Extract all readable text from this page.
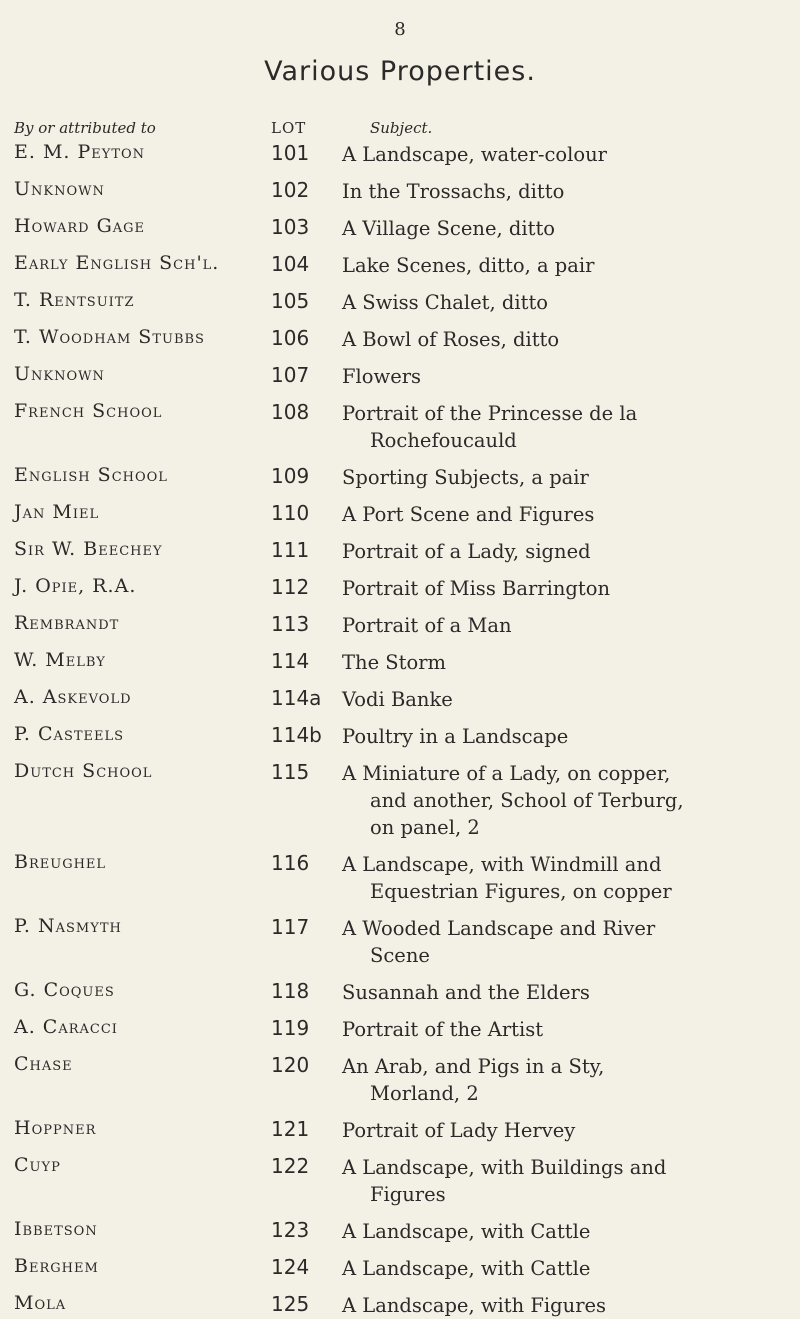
8
Various Properties.
By or attributed to	LOT	Subject.
E. M. Peyton	101	A Landscape, water-colour
Unknown	102	In the Trossachs, ditto
Howard Gage	103	A Village Scene, ditto
Early English Sch'l.	104	Lake Scenes, ditto, a pair
T. Rentsuitz	105	A Swiss Chalet, ditto
T. Woodham Stubbs	106	A Bowl of Roses, ditto
Unknown	107	Flowers
French School	108	Portrait of the Princesse de la
Rochefoucauld
English School	109	Sporting Subjects, a pair
Jan Miel	110	A Port Scene and Figures
Sir W. Beechey	111	Portrait of a Lady, signed
J. Opie, R.A.	112	Portrait of Miss Barrington
Rembrandt	113	Portrait of a Man
W. Melby	114	The Storm
A. Askevold	114a	Vodi Banke
P. Casteels	114b	Poultry in a Landscape
Dutch School	115	A Miniature of a Lady, on copper,
and another, School of Terburg,
on panel, 2
Breughel	116	A Landscape, with Windmill and
Equestrian Figures, on copper
P. Nasmyth	117	A Wooded Landscape and River
Scene
G. Coques	118	Susannah and the Elders
A. Caracci	119	Portrait of the Artist
Chase	120	An Arab, and Pigs in a Sty,
Morland, 2
Hoppner	121	Portrait of Lady Hervey
Cuyp	122	A Landscape, with Buildings and
Figures
Ibbetson	123	A Landscape, with Cattle
Berghem	124	A Landscape, with Cattle
Mola	125	A Landscape, with Figures
